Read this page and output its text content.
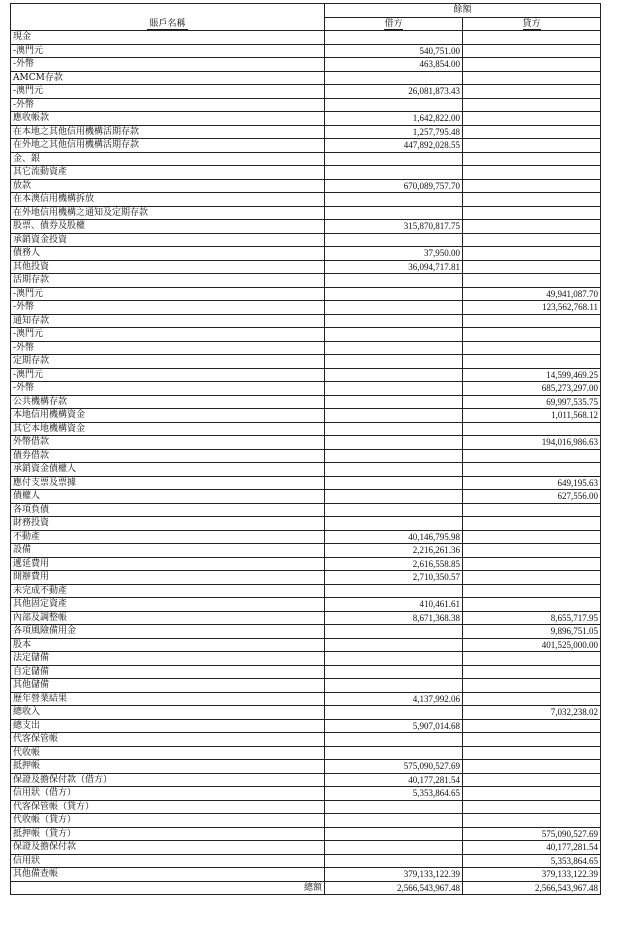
賬戶名稱	餘額	
	借方	貸方
現金		
-澳門元	540,751.00	
-外幣	463,854.00	
AMCM存款		
-澳門元	26,081,873.43	
-外幣		
應收帳款	1,642,822.00	
在本地之其他信用機構活期存款	1,257,795.48	
在外地之其他信用機構活期存款	447,892,028.55	
金、銀		
其它流動資產		
放款	670,089,757.70	
在本澳信用機構拆放		
在外地信用機構之通知及定期存款		
股票、債券及股權	315,870,817.75	
承銷資金投資		
債務人	37,950.00	
其他投資	36,094,717.81	
活期存款		
-澳門元		49,941,087.70
-外幣		123,562,768.11
通知存款		
-澳門元		
-外幣		
定期存款		
-澳門元		14,599,469.25
-外幣		685,273,297.00
公共機構存款		69,997,535.75
本地信用機構資金		1,011,568.12
其它本地機構資金		
外幣借款		194,016,986.63
債券借款		
承銷資金債權人		
應付支票及票據		649,195.63
債權人		627,556.00
各項負債		
財務投資		
不動產	40,146,795.98	
設備	2,216,261.36	
遞延費用	2,616,558.85	
開辦費用	2,710,350.57	
未完成不動產		
其他固定資產	410,461.61	
內部及調整帳	8,671,368.38	8,655,717.95
各項風險備用金		9,896,751.05
股本		401,525,000.00
法定儲備		
自定儲備		
其他儲備		
歷年營業結果	4,137,992.06	
總收入		7,032,238.02
總支出	5,907,014.68	
代客保管帳		
代收帳		
抵押帳	575,090,527.69	
保證及擔保付款（借方）	40,177,281.54	
信用狀（借方）	5,353,864.65	
代客保管帳（貸方）		
代收帳（貸方）		
抵押帳（貸方）		575,090,527.69
保證及擔保付款		40,177,281.54
信用狀		5,353,864.65
其他備查帳	379,133,122.39	379,133,122.39
總額	2,566,543,967.48	2,566,543,967.48
